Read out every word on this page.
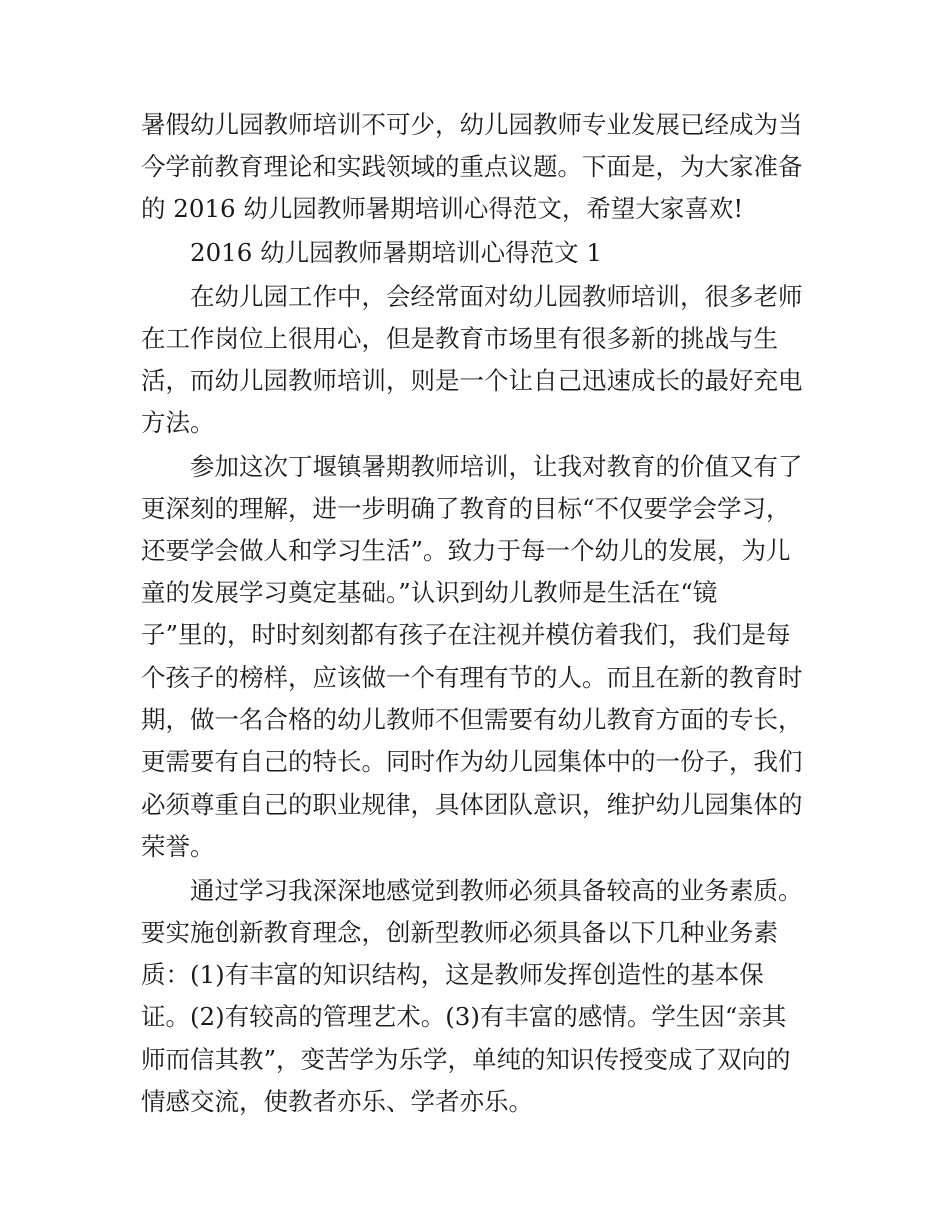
暑假幼儿园教师培训不可少，幼儿园教师专业发展已经成为当
今学前教育理论和实践领域的重点议题。下面是，为大家准备
的 2016 幼儿园教师暑期培训心得范文，希望大家喜欢!
2016 幼儿园教师暑期培训心得范文 1
在幼儿园工作中，会经常面对幼儿园教师培训，很多老师
在工作岗位上很用心，但是教育市场里有很多新的挑战与生
活，而幼儿园教师培训，则是一个让自己迅速成长的最好充电
方法。
参加这次丁堰镇暑期教师培训，让我对教育的价值又有了
更深刻的理解，进一步明确了教育的目标“不仅要学会学习，
还要学会做人和学习生活”。致力于每一个幼儿的发展，为儿
童的发展学习奠定基础。”认识到幼儿教师是生活在“镜
子”里的，时时刻刻都有孩子在注视并模仿着我们，我们是每
个孩子的榜样，应该做一个有理有节的人。而且在新的教育时
期，做一名合格的幼儿教师不但需要有幼儿教育方面的专长，
更需要有自己的特长。同时作为幼儿园集体中的一份子，我们
必须尊重自己的职业规律，具体团队意识，维护幼儿园集体的
荣誉。
通过学习我深深地感觉到教师必须具备较高的业务素质。
要实施创新教育理念，创新型教师必须具备以下几种业务素
质：(1)有丰富的知识结构，这是教师发挥创造性的基本保
证。(2)有较高的管理艺术。(3)有丰富的感情。学生因“亲其
师而信其教”，变苦学为乐学，单纯的知识传授变成了双向的
情感交流，使教者亦乐、学者亦乐。
